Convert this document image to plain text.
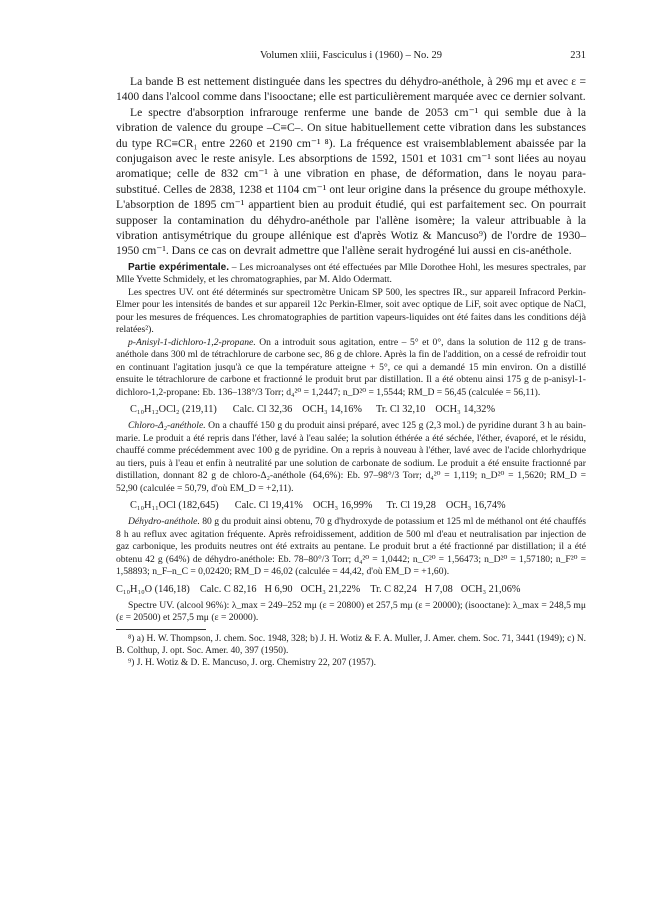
Volumen xliii, Fasciculus i (1960) – No. 29	231

La bande B est nettement distinguée dans les spectres du déhydro-anéthole, à 296 mμ et avec ε = 1400 dans l'alcool comme dans l'isooctane; elle est particulièrement marquée avec ce dernier solvant.

Le spectre d'absorption infrarouge renferme une bande de 2053 cm⁻¹ qui semble due à la vibration de valence du groupe –C≡C–. On situe habituellement cette vibration dans les substances du type RC≡CR₁ entre 2260 et 2190 cm⁻¹ ⁸). La fréquence est vraisemblablement abaissée par la conjugaison avec le reste anisyle. Les absorptions de 1592, 1501 et 1031 cm⁻¹ sont liées au noyau aromatique; celle de 832 cm⁻¹ à une vibration en phase, de déformation, dans le noyau para-substitué. Celles de 2838, 1238 et 1104 cm⁻¹ ont leur origine dans la présence du groupe méthoxyle. L'absorption de 1895 cm⁻¹ appartient bien au produit étudié, qui est parfaitement sec. On pourrait supposer la contamination du déhydro-anéthole par l'allène isomère; la valeur attribuable à la vibration antisymétrique du groupe allénique est d'après Wotiz & Mancuso⁹) de l'ordre de 1930–1950 cm⁻¹. Dans ce cas on devrait admettre que l'allène serait hydrogéné lui aussi en cis-anéthole.

Partie expérimentale. – Les microanalyses ont été effectuées par Mlle Dorothee Hohl, les mesures spectrales, par Mlle Yvette Schmidely, et les chromatographies, par M. Aldo Odermatt.

Les spectres UV. ont été déterminés sur spectromètre Unicam SP 500, les spectres IR., sur appareil Infracord Perkin-Elmer pour les intensités de bandes et sur appareil 12c Perkin-Elmer, soit avec optique de LiF, soit avec optique de NaCl, pour les mesures de fréquences. Les chromatographies de partition vapeurs-liquides ont été faites dans les conditions déjà relatées²).

p-Anisyl-1-dichloro-1,2-propane. On a introduit sous agitation, entre – 5° et 0°, dans la solution de 112 g de trans-anéthole dans 300 ml de tétrachlorure de carbone sec, 86 g de chlore. Après la fin de l'addition, on a cessé de refroidir tout en continuant l'agitation jusqu'à ce que la température atteigne + 5°, ce qui a demandé 15 min environ. On a distillé ensuite le tétrachlorure de carbone et fractionné le produit brut par distillation. Il a été obtenu ainsi 175 g de p-anisyl-1-dichloro-1,2-propane: Eb. 136–138°/3 Torr; d₄²⁰ = 1,2447; n_D²⁰ = 1,5544; RM_D = 56,45 (calculée = 56,11).

C₁₀H₁₂OCl₂ (219,11) Calc. Cl 32,36 OCH₃ 14,16% Tr. Cl 32,10 OCH₃ 14,32%

Chloro-Δ₂-anéthole. On a chauffé 150 g du produit ainsi préparé, avec 125 g (2,3 mol.) de pyridine durant 3 h au bain-marie. Le produit a été repris dans l'éther, lavé à l'eau salée; la solution éthérée a été séchée, l'éther, évaporé, et le résidu, chauffé comme précédemment avec 100 g de pyridine. On a repris à nouveau à l'éther, lavé avec de l'acide chlorhydrique au tiers, puis à l'eau et enfin à neutralité par une solution de carbonate de sodium. Le produit a été ensuite fractionné par distillation, donnant 82 g de chloro-Δ₂-anéthole (64,6%): Eb. 97–98°/3 Torr; d₄²⁰ = 1,119; n_D²⁰ = 1,5620; RM_D = 52,90 (calculée = 50,79, d'où EM_D = +2,11).

C₁₀H₁₁OCl (182,645) Calc. Cl 19,41% OCH₃ 16,99% Tr. Cl 19,28 OCH₃ 16,74%

Déhydro-anéthole. 80 g du produit ainsi obtenu, 70 g d'hydroxyde de potassium et 125 ml de méthanol ont été chauffés 8 h au reflux avec agitation fréquente. Après refroidissement, addition de 500 ml d'eau et neutralisation par injection de gaz carbonique, les produits neutres ont été extraits au pentane. Le produit brut a été fractionné par distillation; il a été obtenu 42 g (64%) de déhydro-anéthole: Eb. 78–80°/3 Torr; d₄²⁰ = 1,0442; n_C²⁰ = 1,56473; n_D²⁰ = 1,57180; n_F²⁰ = 1,58893; n_F–n_C = 0,02420; RM_D = 46,02 (calculée = 44,42, d'où EM_D = +1,60).

C₁₀H₁₀O (146,18) Calc. C 82,16 H 6,90 OCH₃ 21,22% Tr. C 82,24 H 7,08 OCH₃ 21,06%

Spectre UV. (alcool 96%): λ_max = 249–252 mμ (ε = 20800) et 257,5 mμ (ε = 20000); (isooctane): λ_max = 248,5 mμ (ε = 20500) et 257,5 mμ (ε = 20000).

⁸) a) H. W. Thompson, J. chem. Soc. 1948, 328; b) J. H. Wotiz & F. A. Muller, J. Amer. chem. Soc. 71, 3441 (1949); c) N. B. Colthup, J. opt. Soc. Amer. 40, 397 (1950).

⁹) J. H. Wotiz & D. E. Mancuso, J. org. Chemistry 22, 207 (1957).
